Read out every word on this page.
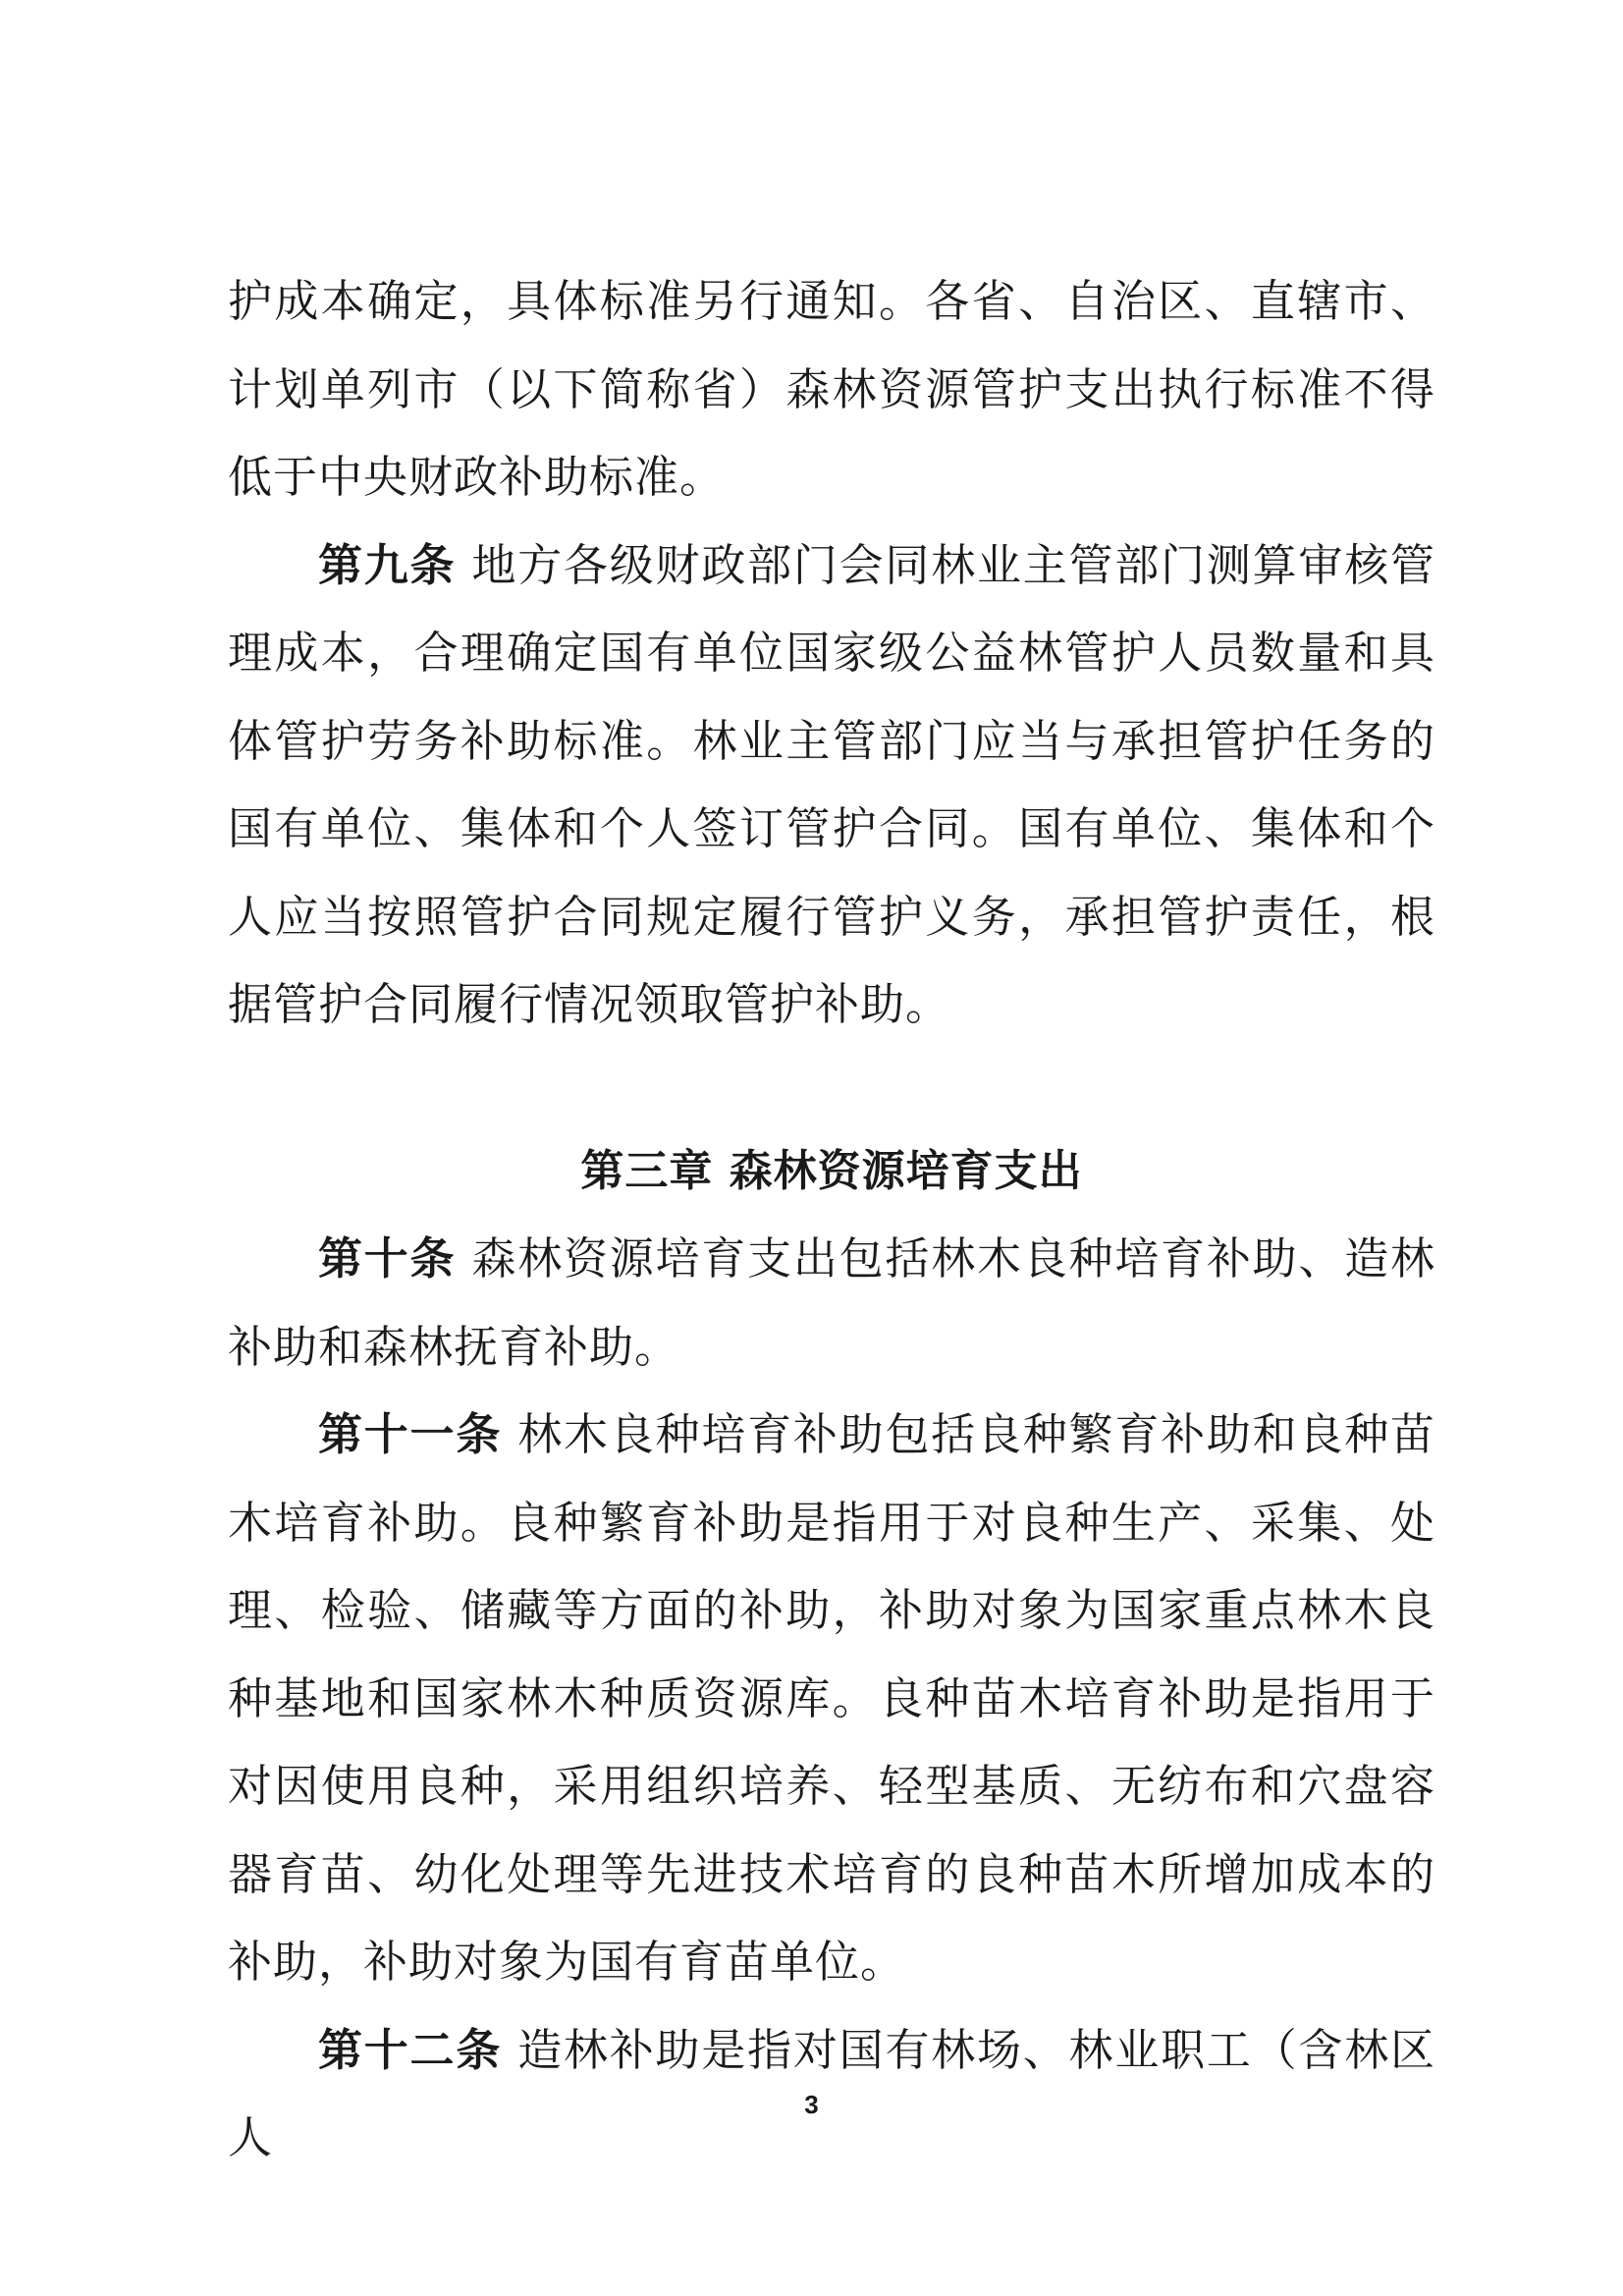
护成本确定，具体标准另行通知。各省、自治区、直辖市、计划单列市（以下简称省）森林资源管护支出执行标准不得低于中央财政补助标准。

第九条 地方各级财政部门会同林业主管部门测算审核管理成本，合理确定国有单位国家级公益林管护人员数量和具体管护劳务补助标准。林业主管部门应当与承担管护任务的国有单位、集体和个人签订管护合同。国有单位、集体和个人应当按照管护合同规定履行管护义务，承担管护责任，根据管护合同履行情况领取管护补助。

第三章 森林资源培育支出

第十条 森林资源培育支出包括林木良种培育补助、造林补助和森林抚育补助。

第十一条 林木良种培育补助包括良种繁育补助和良种苗木培育补助。良种繁育补助是指用于对良种生产、采集、处理、检验、储藏等方面的补助，补助对象为国家重点林木良种基地和国家林木种质资源库。良种苗木培育补助是指用于对因使用良种，采用组织培养、轻型基质、无纺布和穴盘容器育苗、幼化处理等先进技术培育的良种苗木所增加成本的补助，补助对象为国有育苗单位。

第十二条 造林补助是指对国有林场、林业职工（含林区人

3
